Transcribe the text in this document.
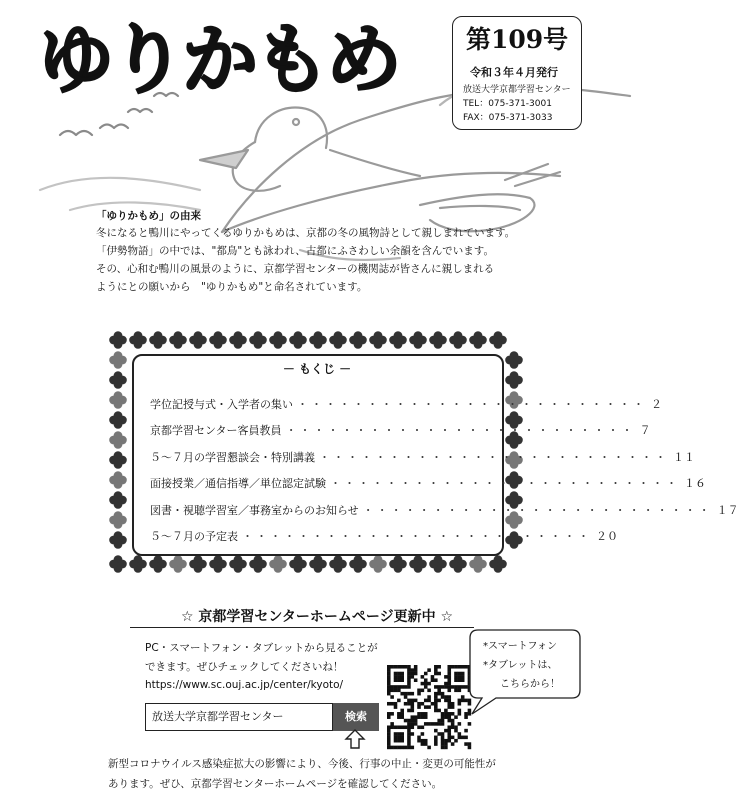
ゆりかもめ	第109号
令和３年４月発行
放送大学京都学習センター
TEL：075-371-3001
FAX：075-371-3033
「ゆりかもめ」の由来
冬になると鴨川にやってくるゆりかもめは、京都の冬の風物詩として親しまれています。
「伊勢物語」の中では、"都鳥"とも詠われ、古都にふさわしい余韻を含んでいます。
その、心和む鴨川の風景のように、京都学習センターの機関誌が皆さんに親しまれる
ようにとの願いから　"ゆりかもめ"と命名されています。
－ もくじ －
学位記授与式・入学者の集い ・・・・・・・・・・・・・・・・・・・・・・・・・ ２
京都学習センター客員教員 ・・・・・・・・・・・・・・・・・・・・・・・・・ ７
５～７月の学習懇談会・特別講義 ・・・・・・・・・・・・・・・・・・・・・・・・・ １１
面接授業／通信指導／単位認定試験 ・・・・・・・・・・・・・・・・・・・・・・・・・ １６
図書・視聴学習室／事務室からのお知らせ ・・・・・・・・・・・・・・・・・・・・・・・・・ １７
５～７月の予定表 ・・・・・・・・・・・・・・・・・・・・・・・・・ ２０
☆ 京都学習センターホームページ更新中 ☆
PC・スマートフォン・タブレットから見ることが
できます。ぜひチェックしてくださいね！
https://www.sc.ouj.ac.jp/center/kyoto/
放送大学京都学習センター	検索
*スマートフォン
*タブレットは、
こちらから！
新型コロナウイルス感染症拡大の影響により、今後、行事の中止・変更の可能性が
あります。ぜひ、京都学習センターホームページを確認してください。
